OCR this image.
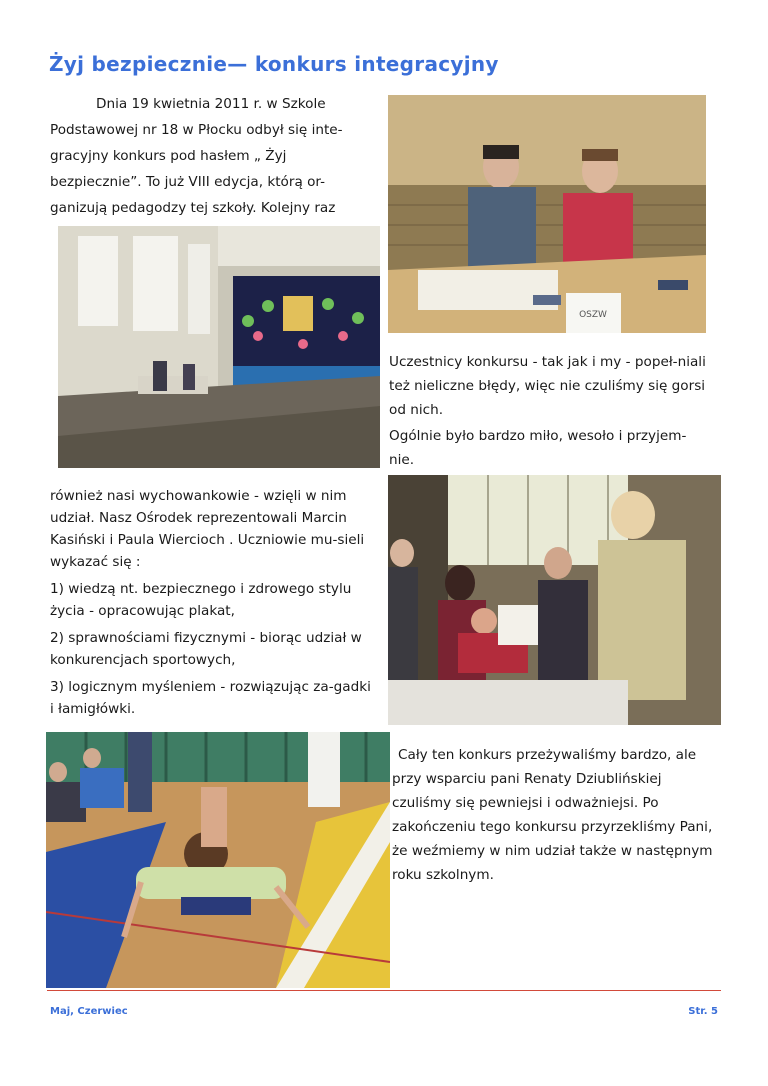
Żyj bezpiecznie— konkurs integracyjny

Dnia 19 kwietnia 2011 r. w Szkole Podstawowej nr 18 w Płocku odbył się inte-gracyjny konkurs pod hasłem „ Żyj bezpiecznie”. To już VIII edycja, którą or-ganizują pedagodzy tej szkoły. Kolejny raz

OSZW

Uczestnicy konkursu - tak jak i my - popeł-niali też nieliczne błędy, więc nie czuliśmy się gorsi od nich.

Ogólnie było bardzo miło, wesoło i przyjem-nie.

również nasi wychowankowie - wzięli w nim udział. Nasz Ośrodek reprezentowali Marcin Kasiński i Paula Wiercioch . Uczniowie mu-sieli wykazać się :

1) wiedzą nt. bezpiecznego i zdrowego stylu życia - opracowując plakat,

2) sprawnościami fizycznymi - biorąc udział w konkurencjach sportowych,

3) logicznym myśleniem - rozwiązując za-gadki i łamigłówki.

Cały ten konkurs przeżywaliśmy bardzo, ale przy wsparciu pani Renaty Dziublińskiej czuliśmy się pewniejsi i odważniejsi. Po zakończeniu tego konkursu przyrzekliśmy Pani, że weźmiemy w nim udział także w następnym roku szkolnym.

Maj, Czerwiec	Str. 5
